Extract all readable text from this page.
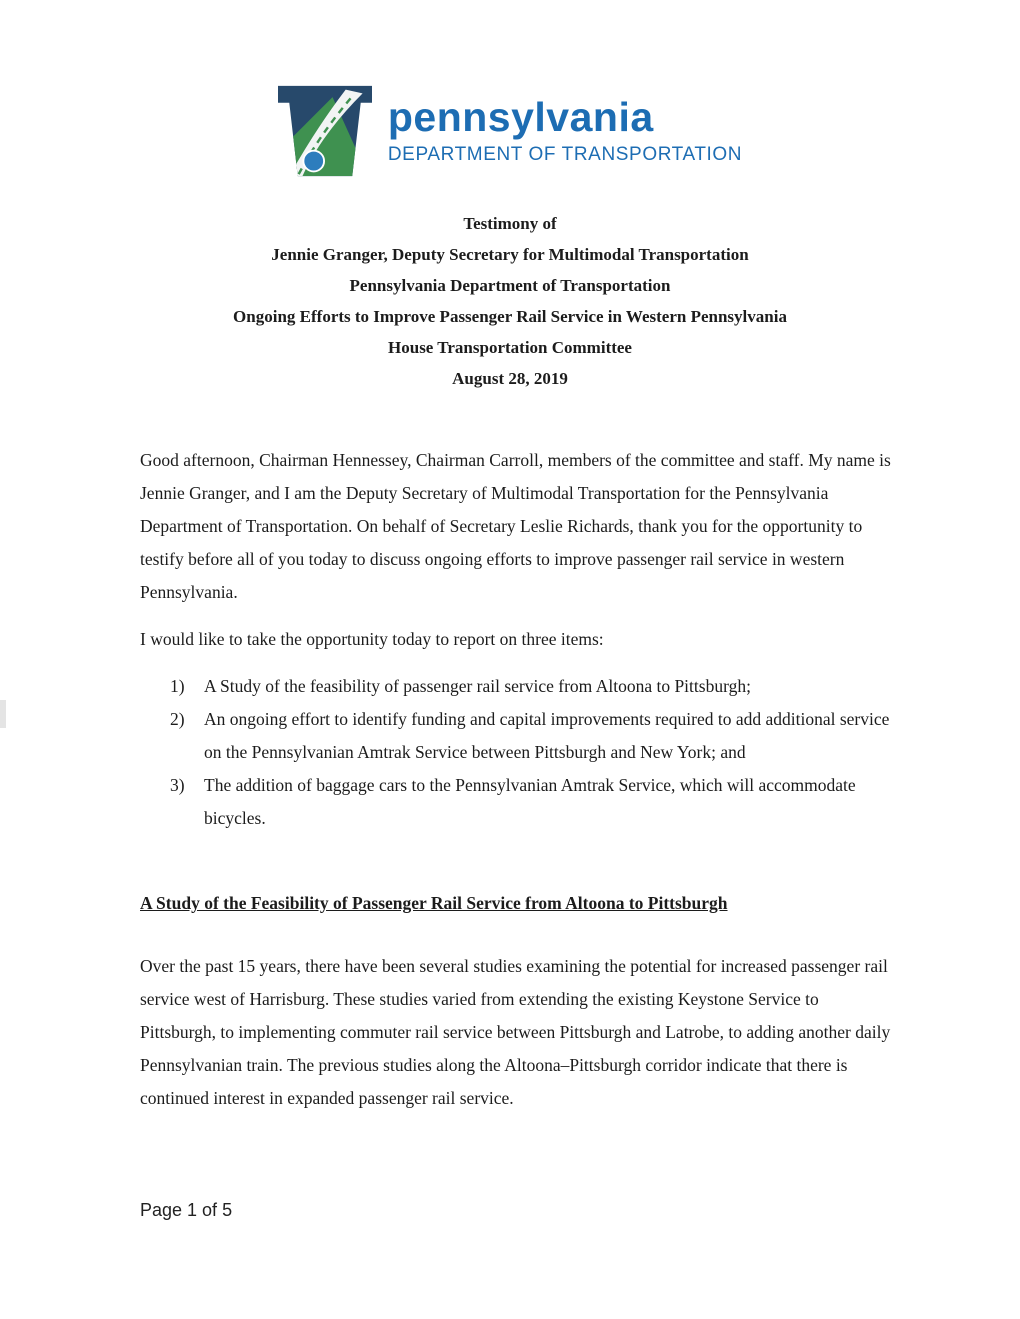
pennsylvania
DEPARTMENT OF TRANSPORTATION
Testimony of
Jennie Granger, Deputy Secretary for Multimodal Transportation
Pennsylvania Department of Transportation
Ongoing Efforts to Improve Passenger Rail Service in Western Pennsylvania
House Transportation Committee
August 28, 2019

Good afternoon, Chairman Hennessey, Chairman Carroll, members of the committee and staff. My name is Jennie Granger, and I am the Deputy Secretary of Multimodal Transportation for the Pennsylvania Department of Transportation. On behalf of Secretary Leslie Richards, thank you for the opportunity to testify before all of you today to discuss ongoing efforts to improve passenger rail service in western Pennsylvania.

I would like to take the opportunity today to report on three items:

1)	A Study of the feasibility of passenger rail service from Altoona to Pittsburgh;
2)	An ongoing effort to identify funding and capital improvements required to add additional service on the Pennsylvanian Amtrak Service between Pittsburgh and New York; and
3)	The addition of baggage cars to the Pennsylvanian Amtrak Service, which will accommodate bicycles.
A Study of the Feasibility of Passenger Rail Service from Altoona to Pittsburgh

Over the past 15 years, there have been several studies examining the potential for increased passenger rail service west of Harrisburg. These studies varied from extending the existing Keystone Service to Pittsburgh, to implementing commuter rail service between Pittsburgh and Latrobe, to adding another daily Pennsylvanian train. The previous studies along the Altoona–Pittsburgh corridor indicate that there is continued interest in expanded passenger rail service.

Page 1 of 5
